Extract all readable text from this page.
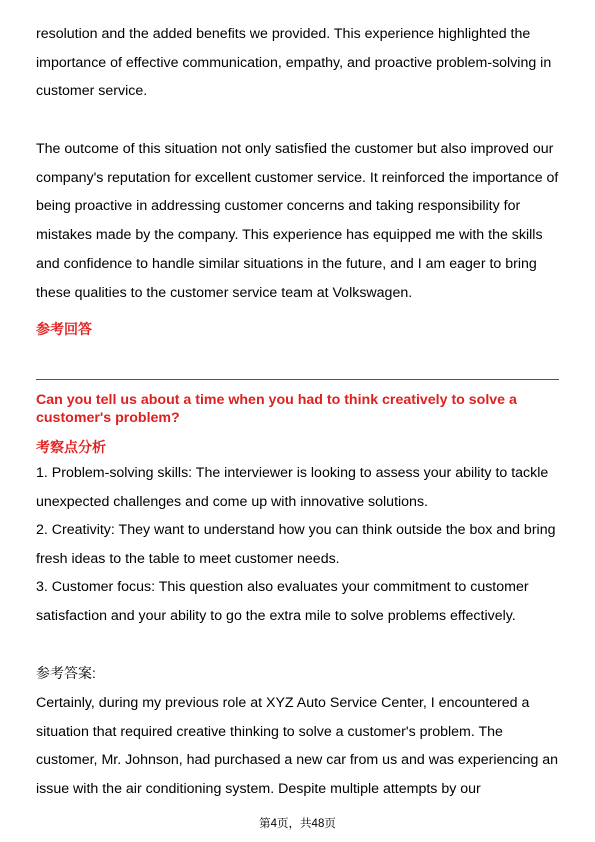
resolution and the added benefits we provided. This experience highlighted the importance of effective communication, empathy, and proactive problem-solving in customer service.

The outcome of this situation not only satisfied the customer but also improved our company's reputation for excellent customer service. It reinforced the importance of being proactive in addressing customer concerns and taking responsibility for mistakes made by the company. This experience has equipped me with the skills and confidence to handle similar situations in the future, and I am eager to bring these qualities to the customer service team at Volkswagen.

参考回答

Can you tell us about a time when you had to think creatively to solve a customer's problem?

考察点分析

1. Problem-solving skills: The interviewer is looking to assess your ability to tackle unexpected challenges and come up with innovative solutions.

2. Creativity: They want to understand how you can think outside the box and bring fresh ideas to the table to meet customer needs.

3. Customer focus: This question also evaluates your commitment to customer satisfaction and your ability to go the extra mile to solve problems effectively.

参考答案:

Certainly, during my previous role at XYZ Auto Service Center, I encountered a situation that required creative thinking to solve a customer's problem. The customer, Mr. Johnson, had purchased a new car from us and was experiencing an issue with the air conditioning system. Despite multiple attempts by our

第4页，共48页
